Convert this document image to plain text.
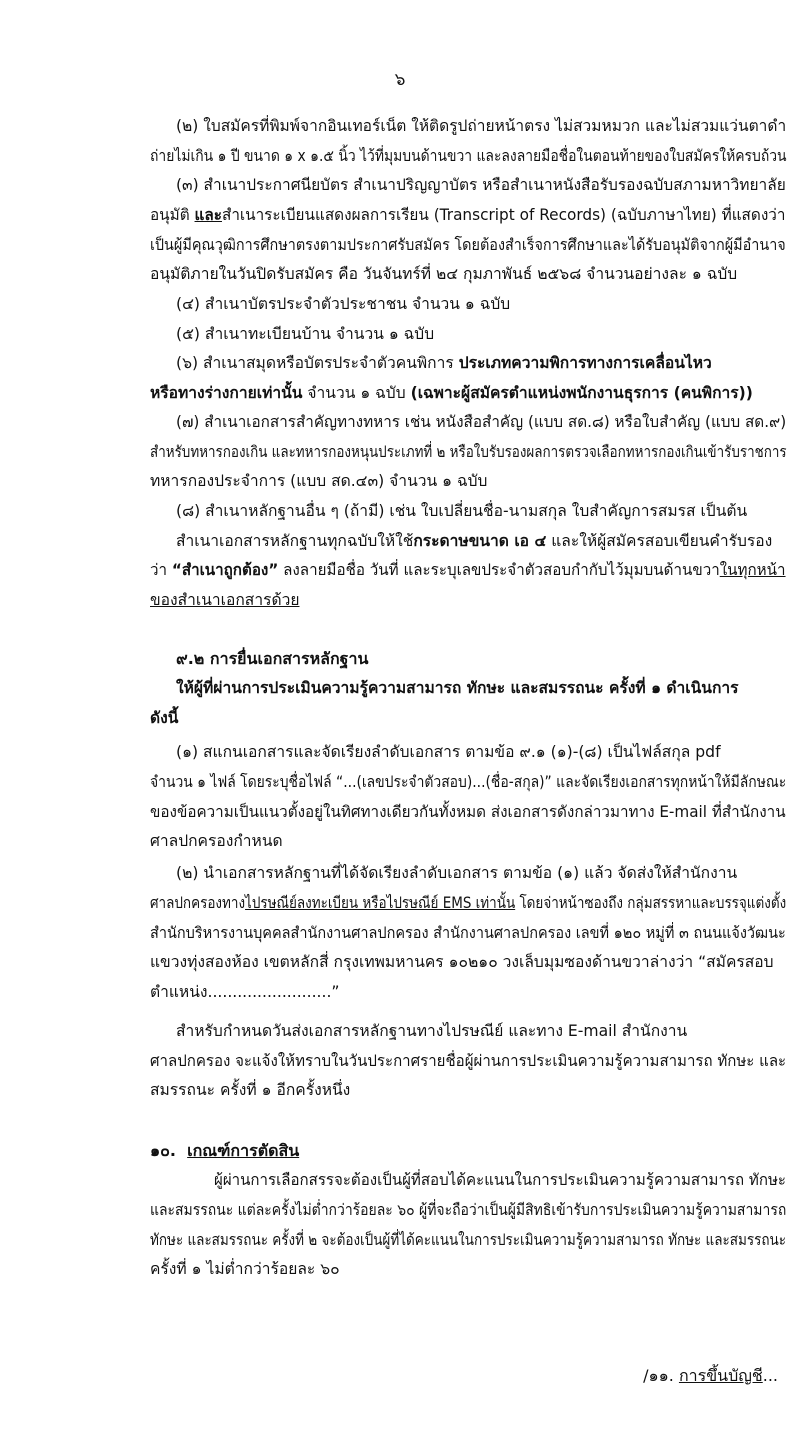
๖
(๒) ใบสมัครที่พิมพ์จากอินเทอร์เน็ต ให้ติดรูปถ่ายหน้าตรง ไม่สวมหมวก และไม่สวมแว่นตาดำ
ถ่ายไม่เกิน ๑ ปี ขนาด ๑ x ๑.๕ นิ้ว ไว้ที่มุมบนด้านขวา และลงลายมือชื่อในตอนท้ายของใบสมัครให้ครบถ้วน
(๓) สำเนาประกาศนียบัตร สำเนาปริญญาบัตร หรือสำเนาหนังสือรับรองฉบับสภามหาวิทยาลัย
อนุมัติ และสำเนาระเบียนแสดงผลการเรียน (Transcript of Records) (ฉบับภาษาไทย) ที่แสดงว่า
เป็นผู้มีคุณวุฒิการศึกษาตรงตามประกาศรับสมัคร โดยต้องสำเร็จการศึกษาและได้รับอนุมัติจากผู้มีอำนาจ
อนุมัติภายในวันปิดรับสมัคร คือ วันจันทร์ที่ ๒๔ กุมภาพันธ์ ๒๕๖๘ จำนวนอย่างละ ๑ ฉบับ
(๔) สำเนาบัตรประจำตัวประชาชน จำนวน ๑ ฉบับ
(๕) สำเนาทะเบียนบ้าน จำนวน ๑ ฉบับ
(๖) สำเนาสมุดหรือบัตรประจำตัวคนพิการ ประเภทความพิการทางการเคลื่อนไหว
หรือทางร่างกายเท่านั้น จำนวน ๑ ฉบับ (เฉพาะผู้สมัครตำแหน่งพนักงานธุรการ (คนพิการ))
(๗) สำเนาเอกสารสำคัญทางทหาร เช่น หนังสือสำคัญ (แบบ สด.๘) หรือใบสำคัญ (แบบ สด.๙)
สำหรับทหารกองเกิน และทหารกองหนุนประเภทที่ ๒ หรือใบรับรองผลการตรวจเลือกทหารกองเกินเข้ารับราชการ
ทหารกองประจำการ (แบบ สด.๔๓) จำนวน ๑ ฉบับ
(๘) สำเนาหลักฐานอื่น ๆ (ถ้ามี) เช่น ใบเปลี่ยนชื่อ-นามสกุล ใบสำคัญการสมรส เป็นต้น
สำเนาเอกสารหลักฐานทุกฉบับให้ใช้กระดาษขนาด เอ ๔ และให้ผู้สมัครสอบเขียนคำรับรอง
ว่า “สำเนาถูกต้อง” ลงลายมือชื่อ วันที่ และระบุเลขประจำตัวสอบกำกับไว้มุมบนด้านขวาในทุกหน้า
ของสำเนาเอกสารด้วย
๙.๒ การยื่นเอกสารหลักฐาน
ให้ผู้ที่ผ่านการประเมินความรู้ความสามารถ ทักษะ และสมรรถนะ ครั้งที่ ๑ ดำเนินการ
ดังนี้
(๑) สแกนเอกสารและจัดเรียงลำดับเอกสาร ตามข้อ ๙.๑ (๑)-(๘) เป็นไฟล์สกุล pdf
จำนวน ๑ ไฟล์ โดยระบุชื่อไฟล์ “...(เลขประจำตัวสอบ)...(ชื่อ-สกุล)” และจัดเรียงเอกสารทุกหน้าให้มีลักษณะ
ของข้อความเป็นแนวตั้งอยู่ในทิศทางเดียวกันทั้งหมด ส่งเอกสารดังกล่าวมาทาง E-mail ที่สำนักงาน
ศาลปกครองกำหนด
(๒) นำเอกสารหลักฐานที่ได้จัดเรียงลำดับเอกสาร ตามข้อ (๑) แล้ว จัดส่งให้สำนักงาน
ศาลปกครองทางไปรษณีย์ลงทะเบียน หรือไปรษณีย์ EMS เท่านั้น โดยจ่าหน้าซองถึง กลุ่มสรรหาและบรรจุแต่งตั้ง
สำนักบริหารงานบุคคลสำนักงานศาลปกครอง สำนักงานศาลปกครอง เลขที่ ๑๒๐ หมู่ที่ ๓ ถนนแจ้งวัฒนะ
แขวงทุ่งสองห้อง เขตหลักสี่ กรุงเทพมหานคร ๑๐๒๑๐ วงเล็บมุมซองด้านขวาล่างว่า “สมัครสอบ
ตำแหน่ง.........................”
สำหรับกำหนดวันส่งเอกสารหลักฐานทางไปรษณีย์ และทาง E-mail สำนักงาน
ศาลปกครอง จะแจ้งให้ทราบในวันประกาศรายชื่อผู้ผ่านการประเมินความรู้ความสามารถ ทักษะ และ
สมรรถนะ ครั้งที่ ๑ อีกครั้งหนึ่ง
๑๐. เกณฑ์การตัดสิน
ผู้ผ่านการเลือกสรรจะต้องเป็นผู้ที่สอบได้คะแนนในการประเมินความรู้ความสามารถ ทักษะ
และสมรรถนะ แต่ละครั้งไม่ต่ำกว่าร้อยละ ๖๐ ผู้ที่จะถือว่าเป็นผู้มีสิทธิเข้ารับการประเมินความรู้ความสามารถ
ทักษะ และสมรรถนะ ครั้งที่ ๒ จะต้องเป็นผู้ที่ได้คะแนนในการประเมินความรู้ความสามารถ ทักษะ และสมรรถนะ
ครั้งที่ ๑ ไม่ต่ำกว่าร้อยละ ๖๐
/๑๑. การขึ้นบัญชี...
